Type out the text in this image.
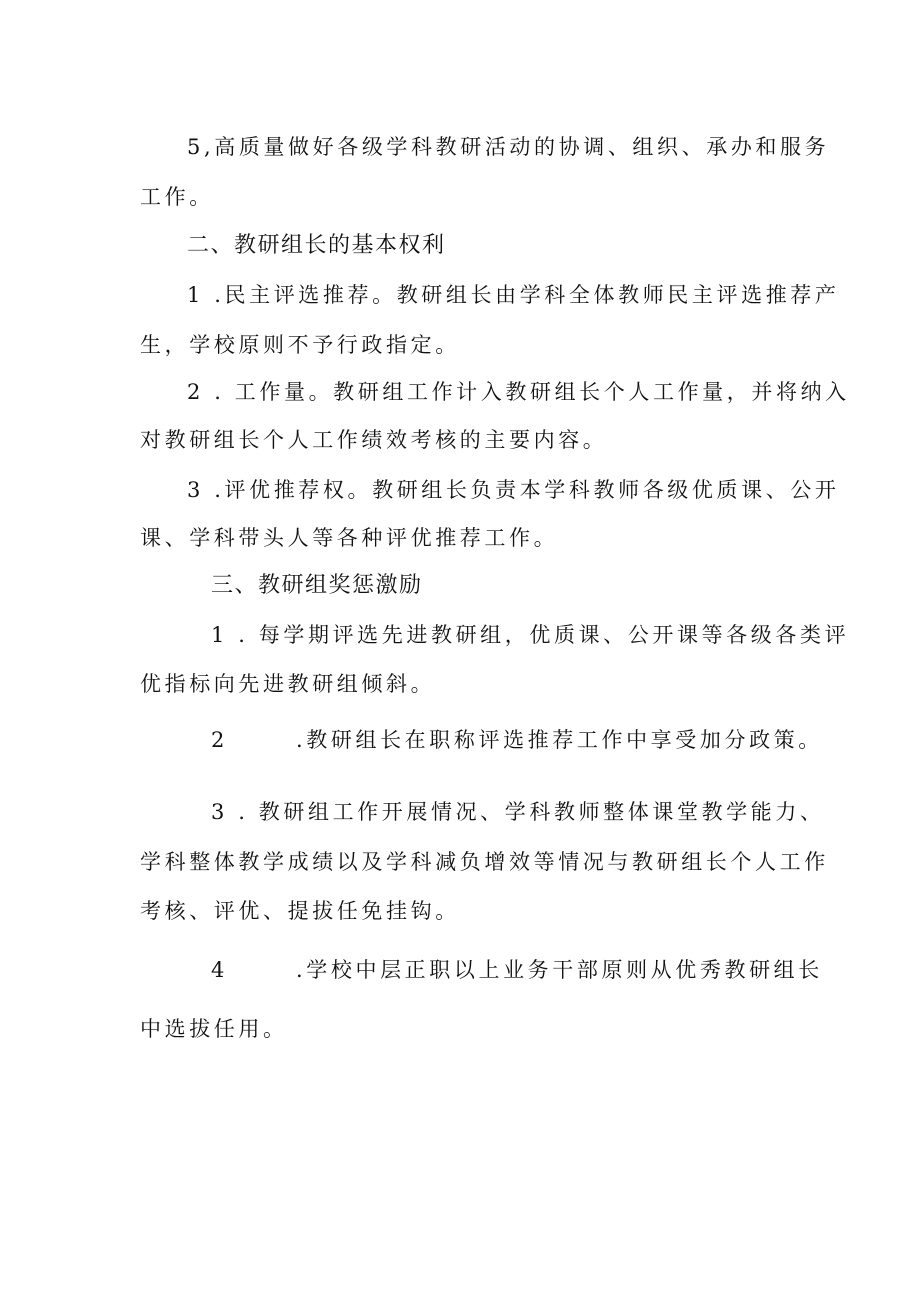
5,高质量做好各级学科教研活动的协调、组织、承办和服务
工作。
二、教研组长的基本权利
1 .民主评选推荐。教研组长由学科全体教师民主评选推荐产
生，学校原则不予行政指定。
2 . 工作量。教研组工作计入教研组长个人工作量，并将纳入
对教研组长个人工作绩效考核的主要内容。
3 .评优推荐权。教研组长负责本学科教师各级优质课、公开
课、学科带头人等各种评优推荐工作。
三、教研组奖惩激励
1 . 每学期评选先进教研组，优质课、公开课等各级各类评
优指标向先进教研组倾斜。
2	.教研组长在职称评选推荐工作中享受加分政策。
3 . 教研组工作开展情况、学科教师整体课堂教学能力、
学科整体教学成绩以及学科减负增效等情况与教研组长个人工作
考核、评优、提拔任免挂钩。
4	.学校中层正职以上业务干部原则从优秀教研组长
中选拔任用。
